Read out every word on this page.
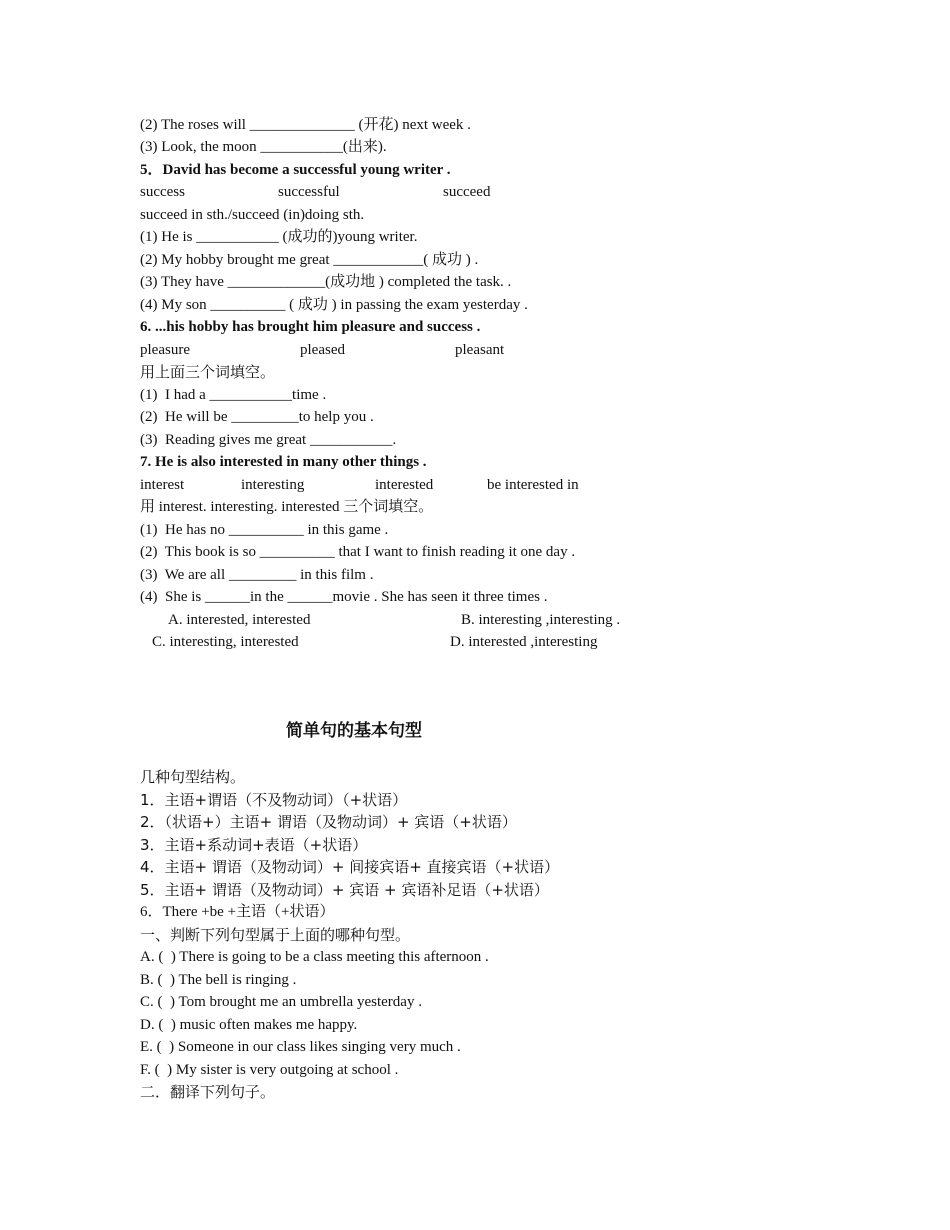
(2) The roses will ______________ (开花) next week .
(3) Look, the moon ___________(出来).
5．David has become a successful young writer .
success	successful	succeed
succeed in sth./succeed (in)doing sth.
(1) He is ___________ (成功的)young writer.
(2) My hobby brought me great ____________( 成功 ) .
(3) They have _____________(成功地 ) completed the task. .
(4) My son __________ ( 成功 ) in passing the exam yesterday .
6. ...his hobby has brought him pleasure and success .
pleasure	pleased	pleasant
用上面三个词填空。
(1)  I had a ___________time .
(2)  He will be _________to help you .
(3)  Reading gives me great ___________.
7. He is also interested in many other things .
interest	interesting	interested	be interested in
用 interest. interesting. interested 三个词填空。
(1)  He has no __________ in this game .
(2)  This book is so __________ that I want to finish reading it one day .
(3)  We are all _________ in this film .
(4)  She is ______in the ______movie . She has seen it three times .
A. interested, interested	B. interesting ,interesting .
C. interesting, interested	D. interested ,interesting
简单句的基本句型
几种句型结构。
1．主语+谓语（不及物动词）（+状语）
2．（状语+）主语+ 谓语（及物动词）+ 宾语（+状语）
3．主语+系动词+表语（+状语）
4．主语+ 谓语（及物动词）+ 间接宾语+ 直接宾语（+状语）
5．主语+ 谓语（及物动词）+ 宾语 + 宾语补足语（+状语）
6．There +be +主语（+状语）
一、判断下列句型属于上面的哪种句型。
A. (  ) There is going to be a class meeting this afternoon .
B. (  ) The bell is ringing .
C. (  ) Tom brought me an umbrella yesterday .
D. (  ) music often makes me happy.
E. (  ) Someone in our class likes singing very much .
F. (  ) My sister is very outgoing at school .
二．翻译下列句子。
